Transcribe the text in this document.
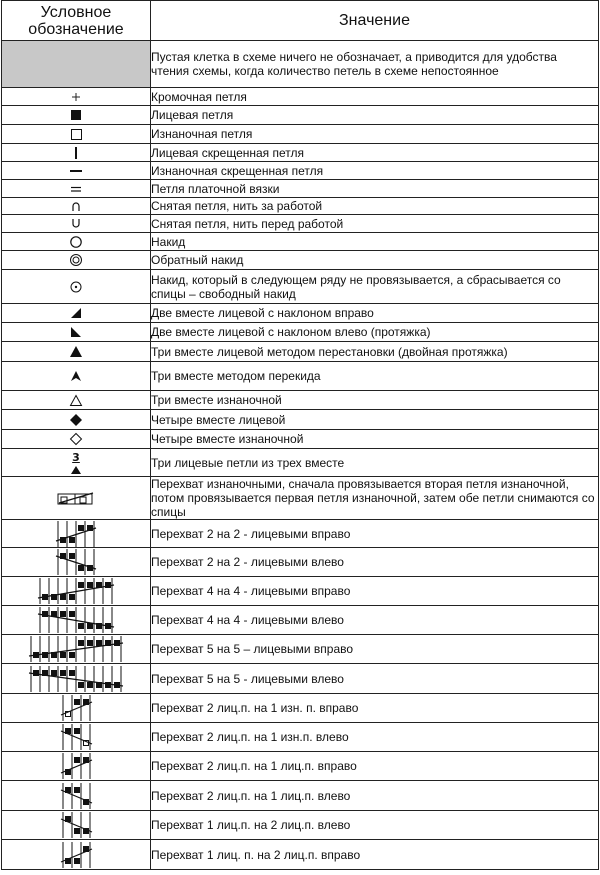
Условное обозначение	Значение
	Пустая клетка в схеме ничего не обозначает, а приводится для удобства чтения схемы, когда количество петель в схеме непостоянное

	Кромочная петля

	Лицевая петля

	Изнаночная петля

	Лицевая скрещенная петля

	Изнаночная скрещенная петля

	Петля платочной вязки

	Снятая петля, нить за работой

	Снятая петля, нить перед работой

	Накид

	Обратный накид

	Накид, который в следующем ряду не провязывается, а сбрасывается со спицы – свободный накид

	Две вместе лицевой с наклоном вправо

	Две вместе лицевой с наклоном влево (протяжка)

	Три вместе лицевой методом перестановки (двойная протяжка)

	Три вместе методом перекида

	Три вместе изнаночной

	Четыре вместе лицевой

	Четыре вместе изнаночной

3	Три лицевые петли из трех вместе

	Перехват изнаночными, сначала провязывается вторая петля изнаночной, потом провязывается первая петля изнаночной, затем обе петли снимаются со спицы

	Перехват 2 на 2 - лицевыми вправо

	Перехват 2 на 2 - лицевыми влево

	Перехват 4 на 4 - лицевыми вправо

	Перехват 4 на 4 - лицевыми влево

	Перехват 5 на 5 – лицевыми вправо

	Перехват 5 на 5 - лицевыми влево

	Перехват 2 лиц.п. на 1 изн. п. вправо

	Перехват 2 лиц.п. на 1 изн.п. влево

	Перехват 2 лиц.п. на 1 лиц.п. вправо

	Перехват 2 лиц.п. на 1 лиц.п. влево

	Перехват 1 лиц.п. на 2 лиц.п. влево

	Перехват 1 лиц. п. на 2 лиц.п. вправо
